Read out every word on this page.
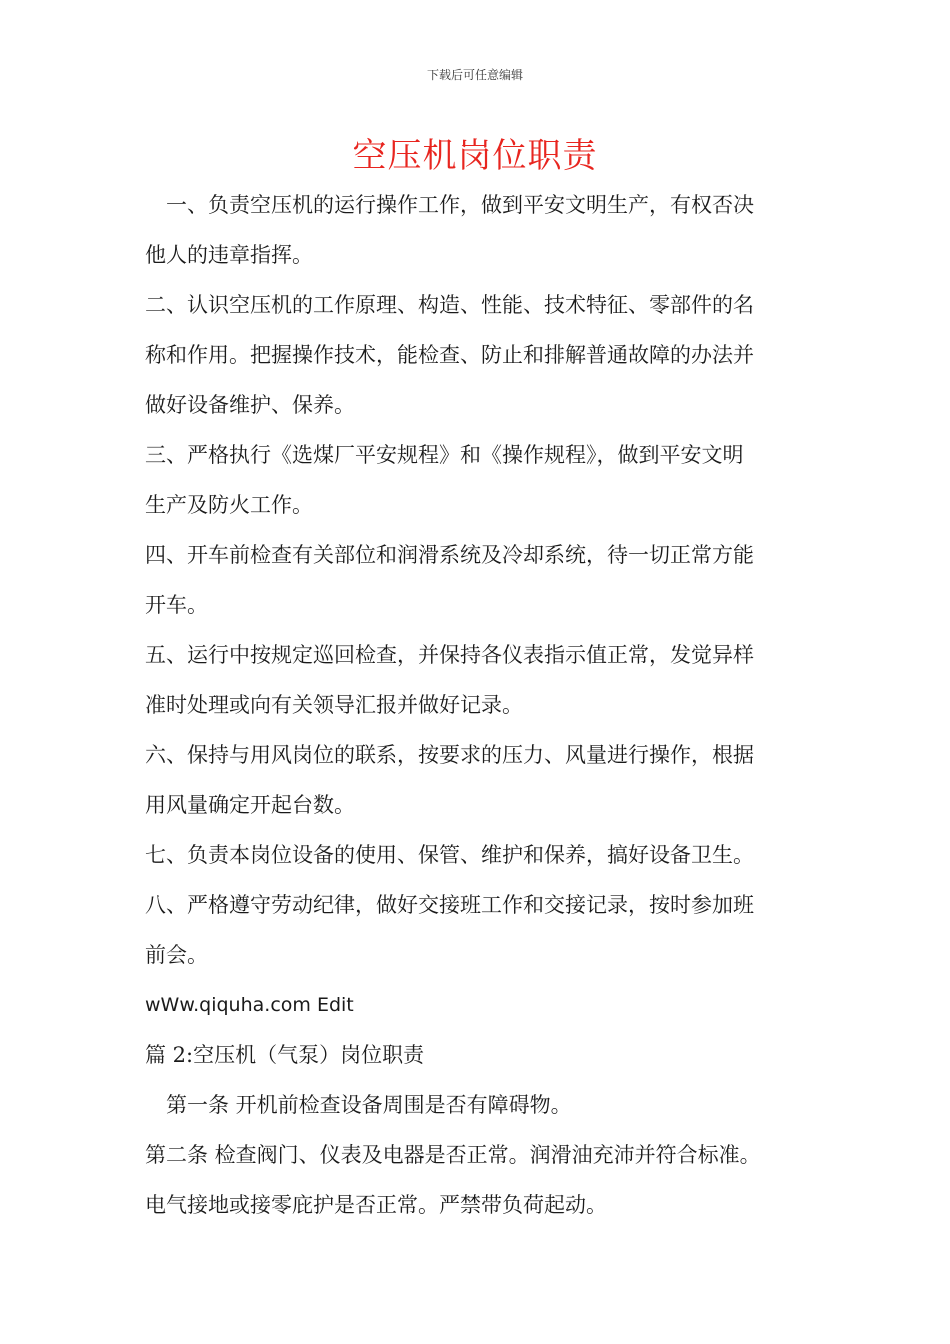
下载后可任意编辑
空压机岗位职责

　一、负责空压机的运行操作工作，做到平安文明生产，有权否决

他人的违章指挥。

二、认识空压机的工作原理、构造、性能、技术特征、零部件的名

称和作用。把握操作技术，能检查、防止和排解普通故障的办法并

做好设备维护、保养。

三、严格执行《选煤厂平安规程》和《操作规程》，做到平安文明

生产及防火工作。

四、开车前检查有关部位和润滑系统及冷却系统，待一切正常方能

开车。

五、运行中按规定巡回检查，并保持各仪表指示值正常，发觉异样

准时处理或向有关领导汇报并做好记录。

六、保持与用风岗位的联系，按要求的压力、风量进行操作，根据

用风量确定开起台数。

七、负责本岗位设备的使用、保管、维护和保养，搞好设备卫生。

八、严格遵守劳动纪律，做好交接班工作和交接记录，按时参加班

前会。

wWw.qiquha.com Edit

篇 2:空压机（气泵）岗位职责

　第一条 开机前检查设备周围是否有障碍物。

第二条 检查阀门、仪表及电器是否正常。润滑油充沛并符合标准。

电气接地或接零庇护是否正常。严禁带负荷起动。
